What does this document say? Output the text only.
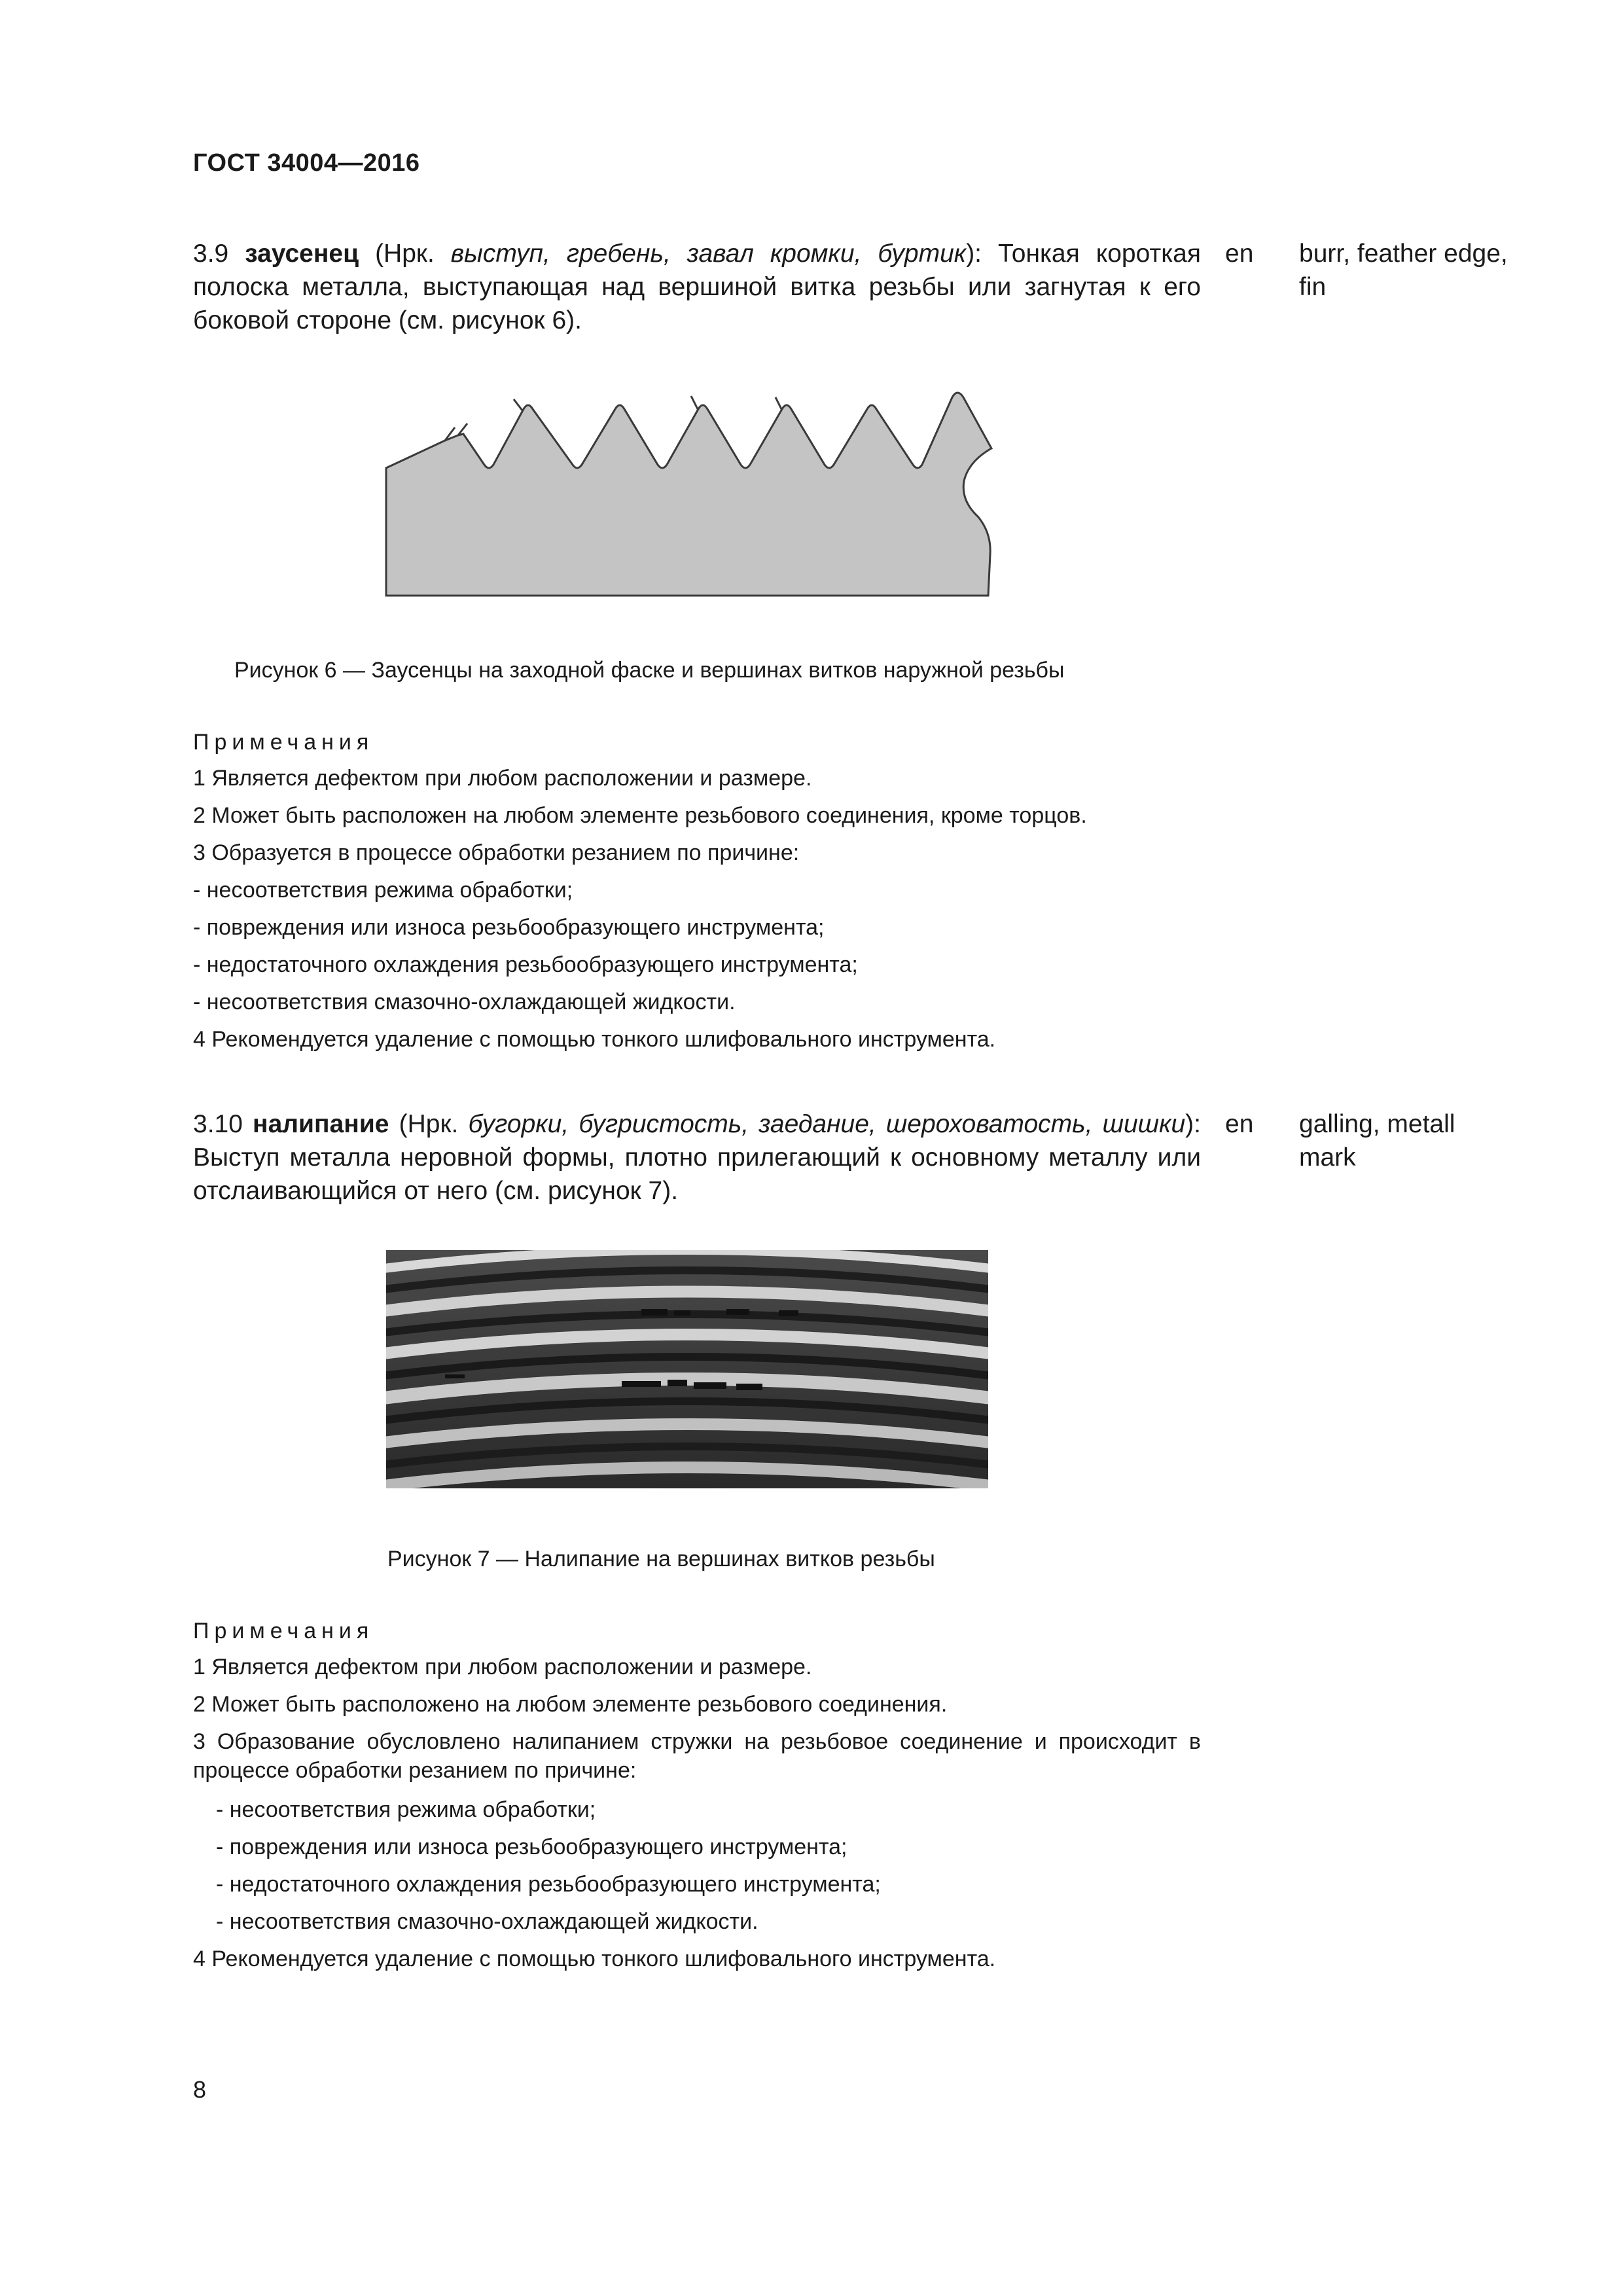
ГОСТ 34004—2016
3.9 заусенец (Нрк. выступ, гребень, завал кромки, буртик): Тонкая короткая полоска металла, выступающая над вершиной витка резьбы или загнутая к его боковой стороне (см. рисунок 6).
en burr, feather edge, fin
Рисунок 6 — Заусенцы на заходной фаске и вершинах витков наружной резьбы
Примечания
1 Является дефектом при любом расположении и размере.
2 Может быть расположен на любом элементе резьбового соединения, кроме торцов.
3 Образуется в процессе обработки резанием по причине:
- несоответствия режима обработки;
- повреждения или износа резьбообразующего инструмента;
- недостаточного охлаждения резьбообразующего инструмента;
- несоответствия смазочно-охлаждающей жидкости.
4 Рекомендуется удаление с помощью тонкого шлифовального инструмента.
3.10 налипание (Нрк. бугорки, бугристость, заедание, шероховатость, шишки): Выступ металла неровной формы, плотно прилегающий к основному металлу или отслаивающийся от него (см. рисунок 7).
en galling, metall mark
Рисунок 7 — Налипание на вершинах витков резьбы
Примечания
1 Является дефектом при любом расположении и размере.
2 Может быть расположено на любом элементе резьбового соединения.
3 Образование обусловлено налипанием стружки на резьбовое соединение и происходит в процессе обработки резанием по причине:
- несоответствия режима обработки;
- повреждения или износа резьбообразующего инструмента;
- недостаточного охлаждения резьбообразующего инструмента;
- несоответствия смазочно-охлаждающей жидкости.
4 Рекомендуется удаление с помощью тонкого шлифовального инструмента.
8
